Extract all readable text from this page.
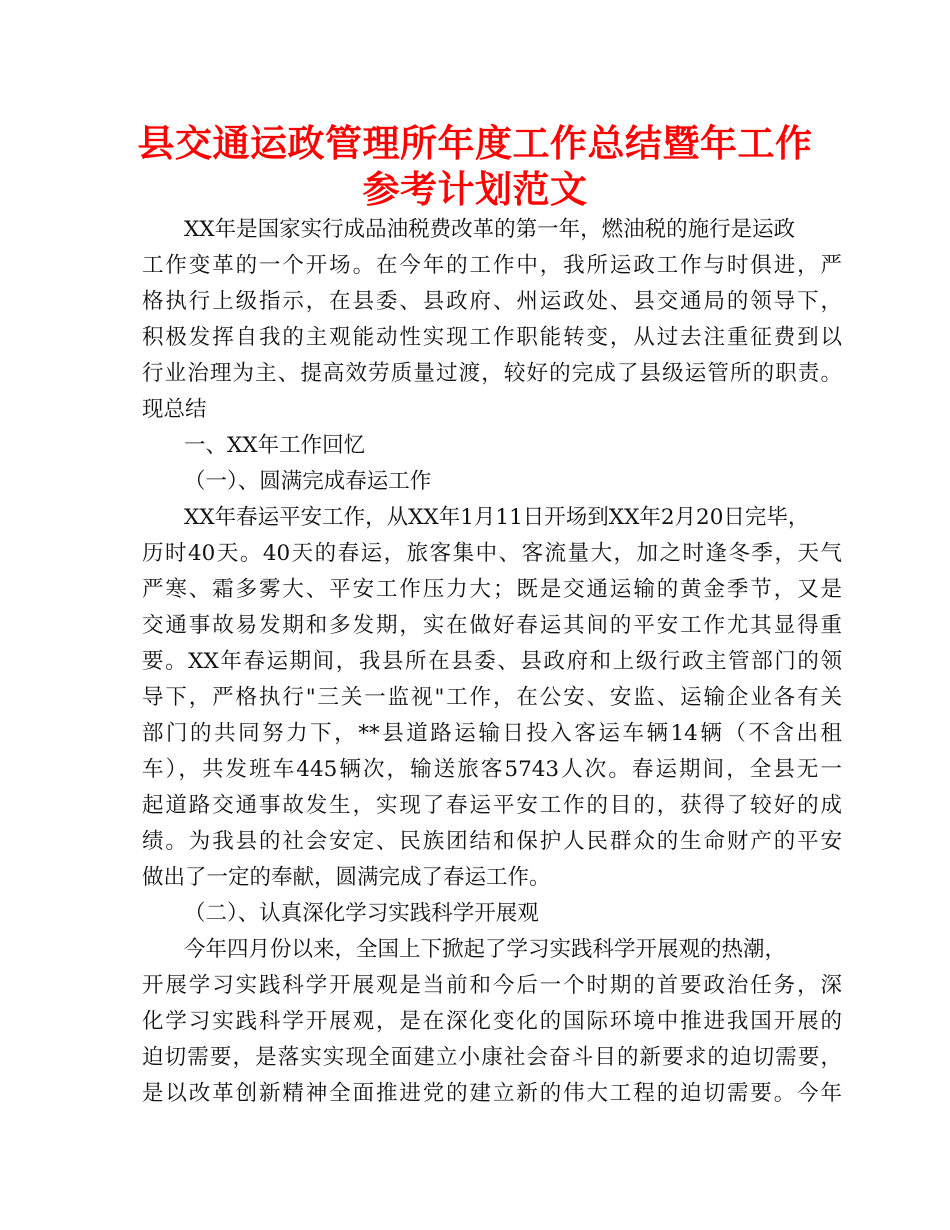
县交通运政管理所年度工作总结暨年工作
参考计划范文
XX年是国家实行成品油税费改革的第一年，燃油税的施行是运政
工作变革的一个开场。在今年的工作中，我所运政工作与时俱进，严
格执行上级指示，在县委、县政府、州运政处、县交通局的领导下，
积极发挥自我的主观能动性实现工作职能转变，从过去注重征费到以
行业治理为主、提高效劳质量过渡，较好的完成了县级运管所的职责。
现总结
一、XX年工作回忆
（一）、圆满完成春运工作
XX年春运平安工作，从XX年1月11日开场到XX年2月20日完毕，
历时40天。40天的春运，旅客集中、客流量大，加之时逢冬季，天气
严寒、霜多雾大、平安工作压力大；既是交通运输的黄金季节，又是
交通事故易发期和多发期，实在做好春运其间的平安工作尤其显得重
要。XX年春运期间，我县所在县委、县政府和上级行政主管部门的领
导下，严格执行"三关一监视"工作，在公安、安监、运输企业各有关
部门的共同努力下，**县道路运输日投入客运车辆14辆（不含出租
车），共发班车445辆次，输送旅客5743人次。春运期间，全县无一
起道路交通事故发生，实现了春运平安工作的目的，获得了较好的成
绩。为我县的社会安定、民族团结和保护人民群众的生命财产的平安
做出了一定的奉献，圆满完成了春运工作。
（二）、认真深化学习实践科学开展观
今年四月份以来，全国上下掀起了学习实践科学开展观的热潮，
开展学习实践科学开展观是当前和今后一个时期的首要政治任务，深
化学习实践科学开展观，是在深化变化的国际环境中推进我国开展的
迫切需要，是落实实现全面建立小康社会奋斗目的新要求的迫切需要，
是以改革创新精神全面推进党的建立新的伟大工程的迫切需要。今年
